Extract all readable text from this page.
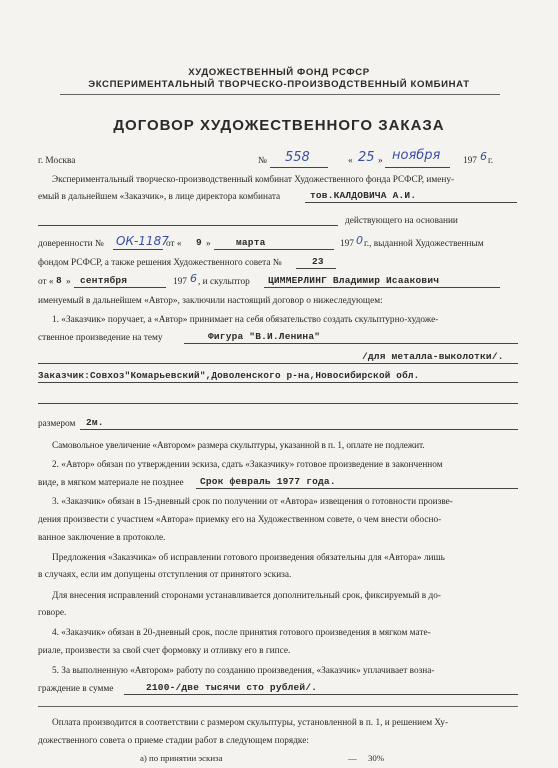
ХУДОЖЕСТВЕННЫЙ ФОНД РСФСР
ЭКСПЕРИМЕНТАЛЬНЫЙ ТВОРЧЕСКО-ПРОИЗВОДСТВЕННЫЙ КОМБИНАТ
ДОГОВОР ХУДОЖЕСТВЕННОГО ЗАКАЗА
г. Москва	№ 558	« 25 » ноября 197 6 г.
Экспериментальный творческо-производственный комбинат Художественного фонда РСФСР, имену-
емый в дальнейшем «Заказчик», в лице директора комбината	тов.КАЛДОВИЧА А.И.
действующего на основании
доверенности № ОК-1187
от « 9 »	марта	197 0 г., выданной Художественным
фондом РСФСР, а также решения Художественного совета №	23
от « 8 » сентября	197 6 , и скульптор ЦИММЕРЛИНГ Владимир Исаакович
именуемый в дальнейшем «Автор», заключили настоящий договор о нижеследующем:
1. «Заказчик» поручает, а «Автор» принимает на себя обязательство создать скульптурно-художе-
ственное произведение на тему	Фигура "В.И.Ленина"
/для металла-выколотки/.
Заказчик:Совхоз"Комарьевский",Доволенского р-на,Новосибирской обл.
размером 2м.
Самовольное увеличение «Автором» размера скульптуры, указанной в п. 1, оплате не подлежит.
2. «Автор» обязан по утверждении эскиза, сдать «Заказчику» готовое произведение в законченном
виде, в мягком материале не позднее Срок февраль 1977 года.
3. «Заказчик» обязан в 15-дневный срок по получении от «Автора» извещения о готовности произве-
дения произвести с участием «Автора» приемку его на Художественном совете, о чем внести обосно-
ванное заключение в протоколе.
Предложения «Заказчика» об исправлении готового произведения обязательны для «Автора» лишь
в случаях, если им допущены отступления от принятого эскиза.
Для внесения исправлений сторонами устанавливается дополнительный срок, фиксируемый в до-
говоре.
4. «Заказчик» обязан в 20-дневный срок, после принятия готового произведения в мягком мате-
риале, произвести за свой счет формовку и отливку его в гипсе.
5. За выполненную «Автором» работу по созданию произведения, «Заказчик» уплачивает возна-
граждение в сумме	2100-/две тысячи сто рублей/.
Оплата производится в соответствии с размером скульптуры, установленной в п. 1, и решением Ху-
дожественного совета о приеме стадии работ в следующем порядке:
а) по принятии эскиза	— 30%
